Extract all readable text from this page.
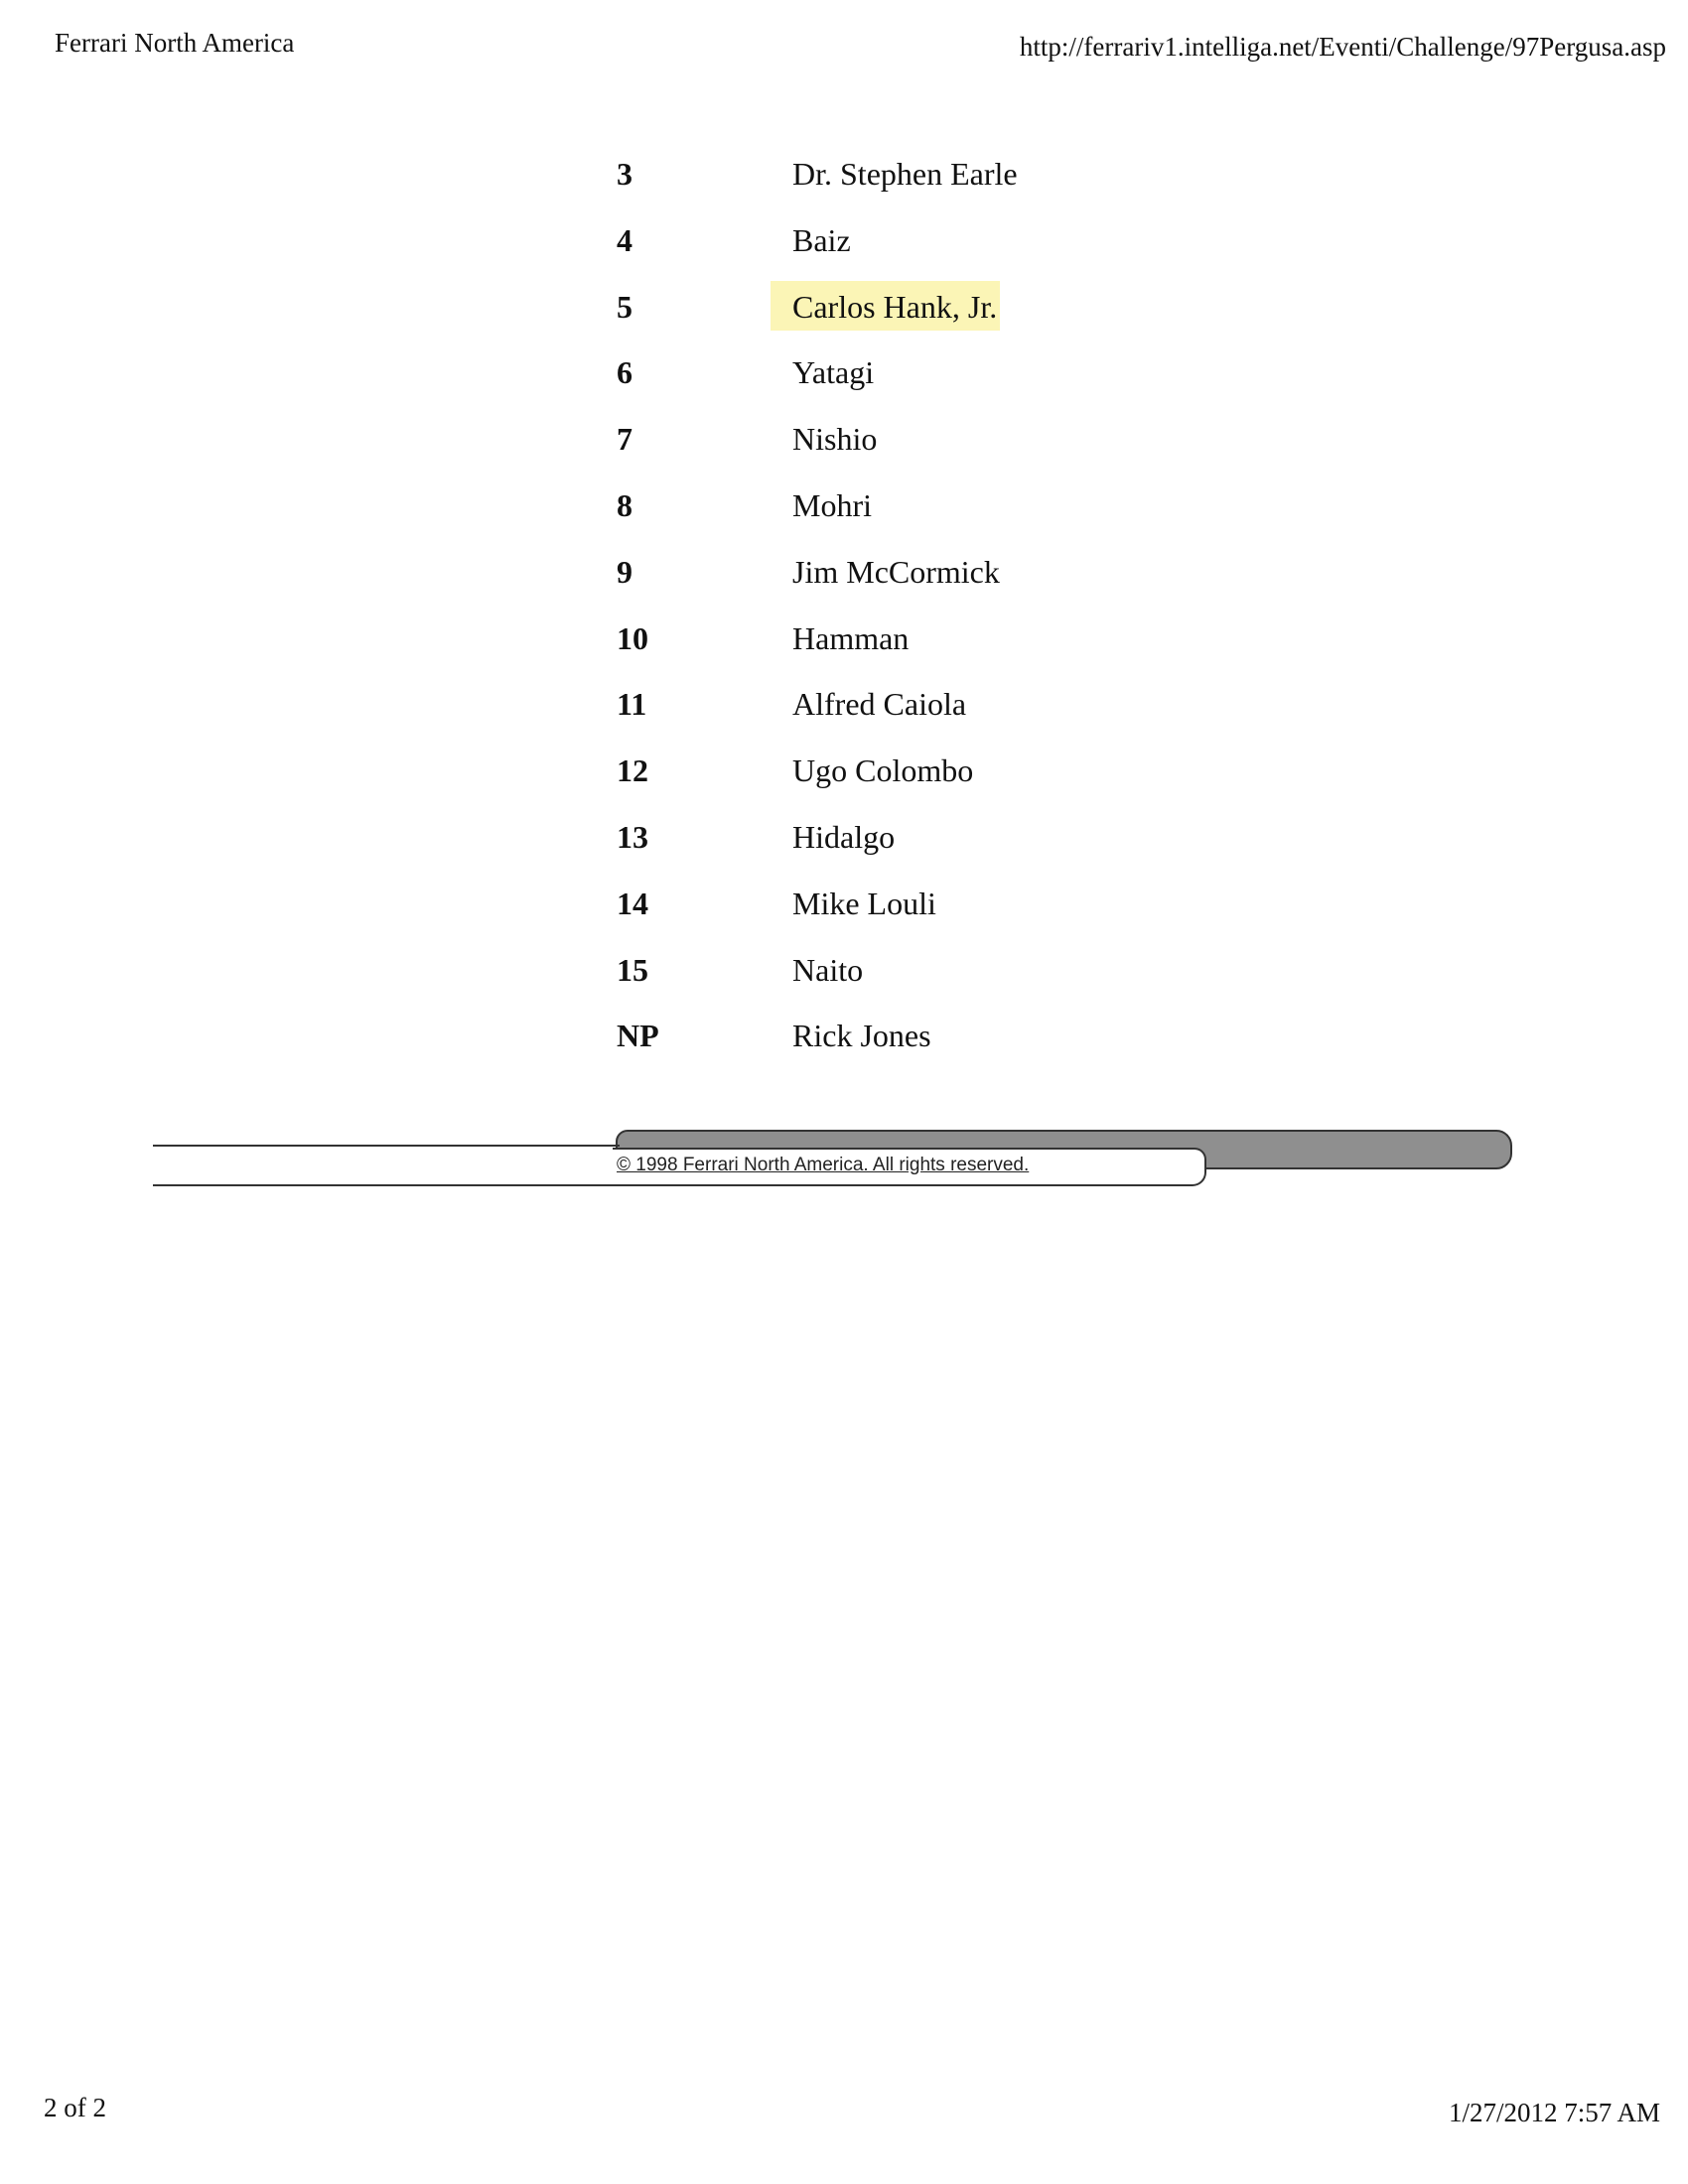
Ferrari North America	http://ferrariv1.intelliga.net/Eventi/Challenge/97Pergusa.asp
3	Dr. Stephen Earle
4	Baiz
5	Carlos Hank, Jr.
6	Yatagi
7	Nishio
8	Mohri
9	Jim McCormick
10	Hamman
11	Alfred Caiola
12	Ugo Colombo
13	Hidalgo
14	Mike Louli
15	Naito
NP	Rick Jones
© 1998 Ferrari North America. All rights reserved.
2 of 2	1/27/2012 7:57 AM
